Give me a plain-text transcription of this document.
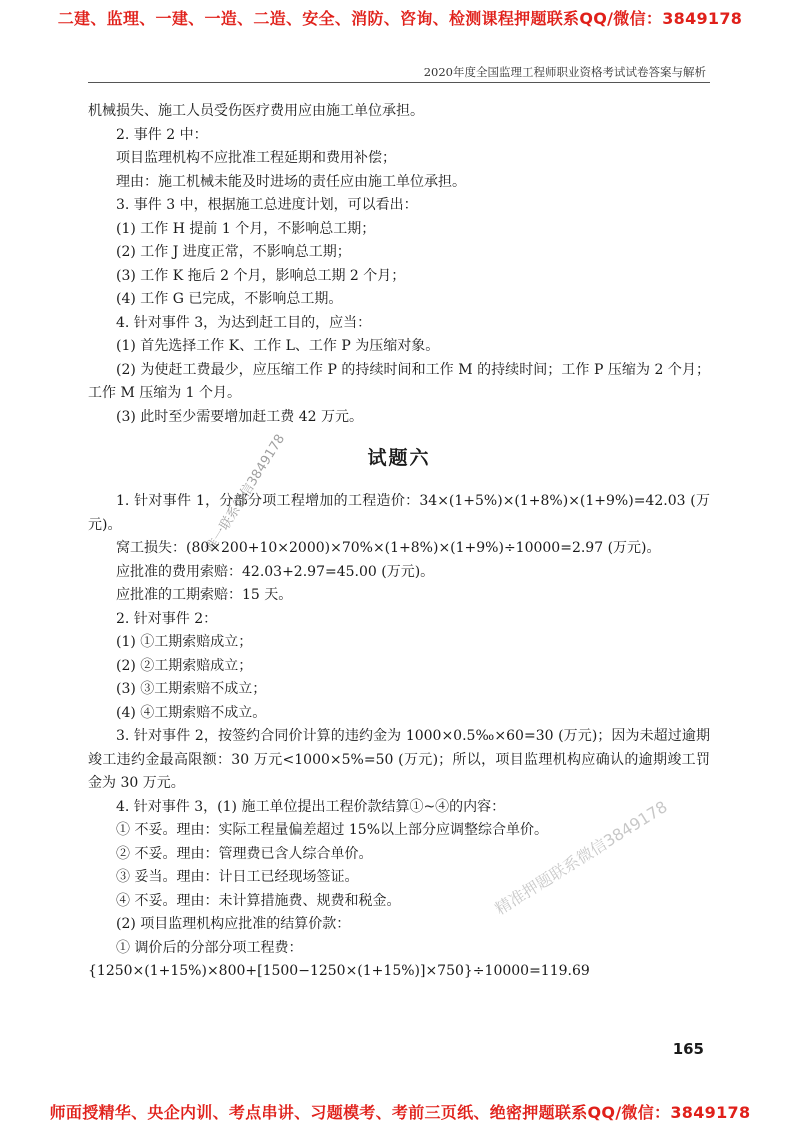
二建、监理、一建、一造、二造、安全、消防、咨询、检测课程押题联系QQ/微信：3849178
2020年度全国监理工程师职业资格考试试卷答案与解析

机械损失、施工人员受伤医疗费用应由施工单位承担。

2. 事件 2 中：

项目监理机构不应批准工程延期和费用补偿；

理由：施工机械未能及时进场的责任应由施工单位承担。

3. 事件 3 中，根据施工总进度计划，可以看出：

(1) 工作 H 提前 1 个月，不影响总工期；

(2) 工作 J 进度正常，不影响总工期；

(3) 工作 K 拖后 2 个月，影响总工期 2 个月；

(4) 工作 G 已完成，不影响总工期。

4. 针对事件 3，为达到赶工目的，应当：

(1) 首先选择工作 K、工作 L、工作 P 为压缩对象。

(2) 为使赶工费最少，应压缩工作 P 的持续时间和工作 M 的持续时间；工作 P 压缩为 2 个月；工作 M 压缩为 1 个月。

(3) 此时至少需要增加赶工费 42 万元。

试题六

1. 针对事件 1，分部分项工程增加的工程造价：34×(1+5%)×(1+8%)×(1+9%)=42.03 (万元)。

窝工损失：(80×200+10×2000)×70%×(1+8%)×(1+9%)÷10000=2.97 (万元)。

应批准的费用索赔：42.03+2.97=45.00 (万元)。

应批准的工期索赔：15 天。

2. 针对事件 2：

(1) ①工期索赔成立；

(2) ②工期索赔成立；

(3) ③工期索赔不成立；

(4) ④工期索赔不成立。

3. 针对事件 2，按签约合同价计算的违约金为 1000×0.5‰×60=30 (万元)；因为未超过逾期竣工违约金最高限额：30 万元<1000×5%=50 (万元)；所以，项目监理机构应确认的逾期竣工罚金为 30 万元。

4. 针对事件 3，(1) 施工单位提出工程价款结算①~④的内容：

① 不妥。理由：实际工程量偏差超过 15%以上部分应调整综合单价。

② 不妥。理由：管理费已含人综合单价。

③ 妥当。理由：计日工已经现场签证。

④ 不妥。理由：未计算措施费、规费和税金。

(2) 项目监理机构应批准的结算价款：

① 调价后的分部分项工程费：

{1250×(1+15%)×800+[1500−1250×(1+15%)]×750}÷10000=119.69

唯一联系微信3849178
精准押题联系微信3849178
165
师面授精华、央企内训、考点串讲、习题模考、考前三页纸、绝密押题联系QQ/微信：3849178
